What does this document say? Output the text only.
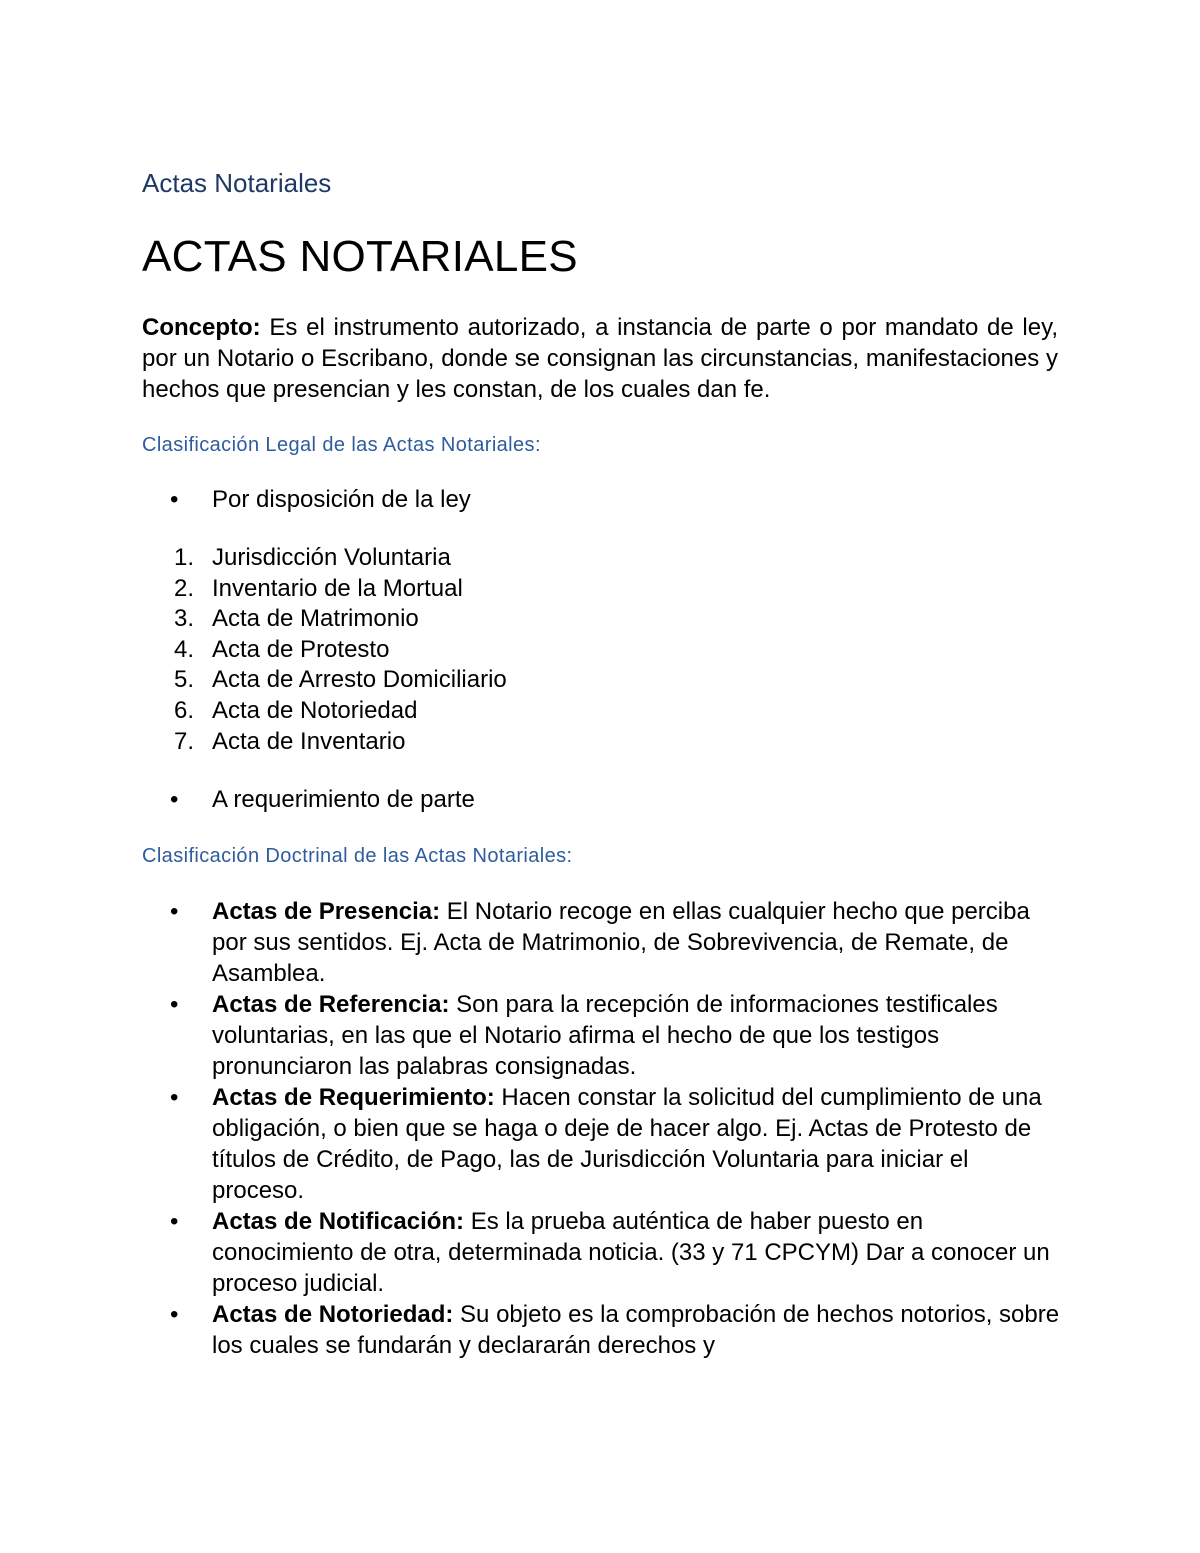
Actas Notariales
ACTAS NOTARIALES

Concepto: Es el instrumento autorizado, a instancia de parte o por mandato de ley, por un Notario o Escribano, donde se consignan las circunstancias, manifestaciones y hechos que presencian y les constan, de los cuales dan fe.

Clasificación Legal de las Actas Notariales:
•	Por disposición de la ley
1. Jurisdicción Voluntaria
2. Inventario de la Mortual
3. Acta de Matrimonio
4. Acta de Protesto
5. Acta de Arresto Domiciliario
6. Acta de Notoriedad
7. Acta de Inventario
•	A requerimiento de parte
Clasificación Doctrinal de las Actas Notariales:
• Actas de Presencia: El Notario recoge en ellas cualquier hecho que perciba por sus sentidos. Ej. Acta de Matrimonio, de Sobrevivencia, de Remate, de Asamblea.
• Actas de Referencia: Son para la recepción de informaciones testificales voluntarias, en las que el Notario afirma el hecho de que los testigos pronunciaron las palabras consignadas.
• Actas de Requerimiento: Hacen constar la solicitud del cumplimiento de una obligación, o bien que se haga o deje de hacer algo. Ej. Actas de Protesto de títulos de Crédito, de Pago, las de Jurisdicción Voluntaria para iniciar el proceso.
• Actas de Notificación: Es la prueba auténtica de haber puesto en conocimiento de otra, determinada noticia. (33 y 71 CPCYM) Dar a conocer un proceso judicial.
• Actas de Notoriedad: Su objeto es la comprobación de hechos notorios, sobre los cuales se fundarán y declararán derechos y
